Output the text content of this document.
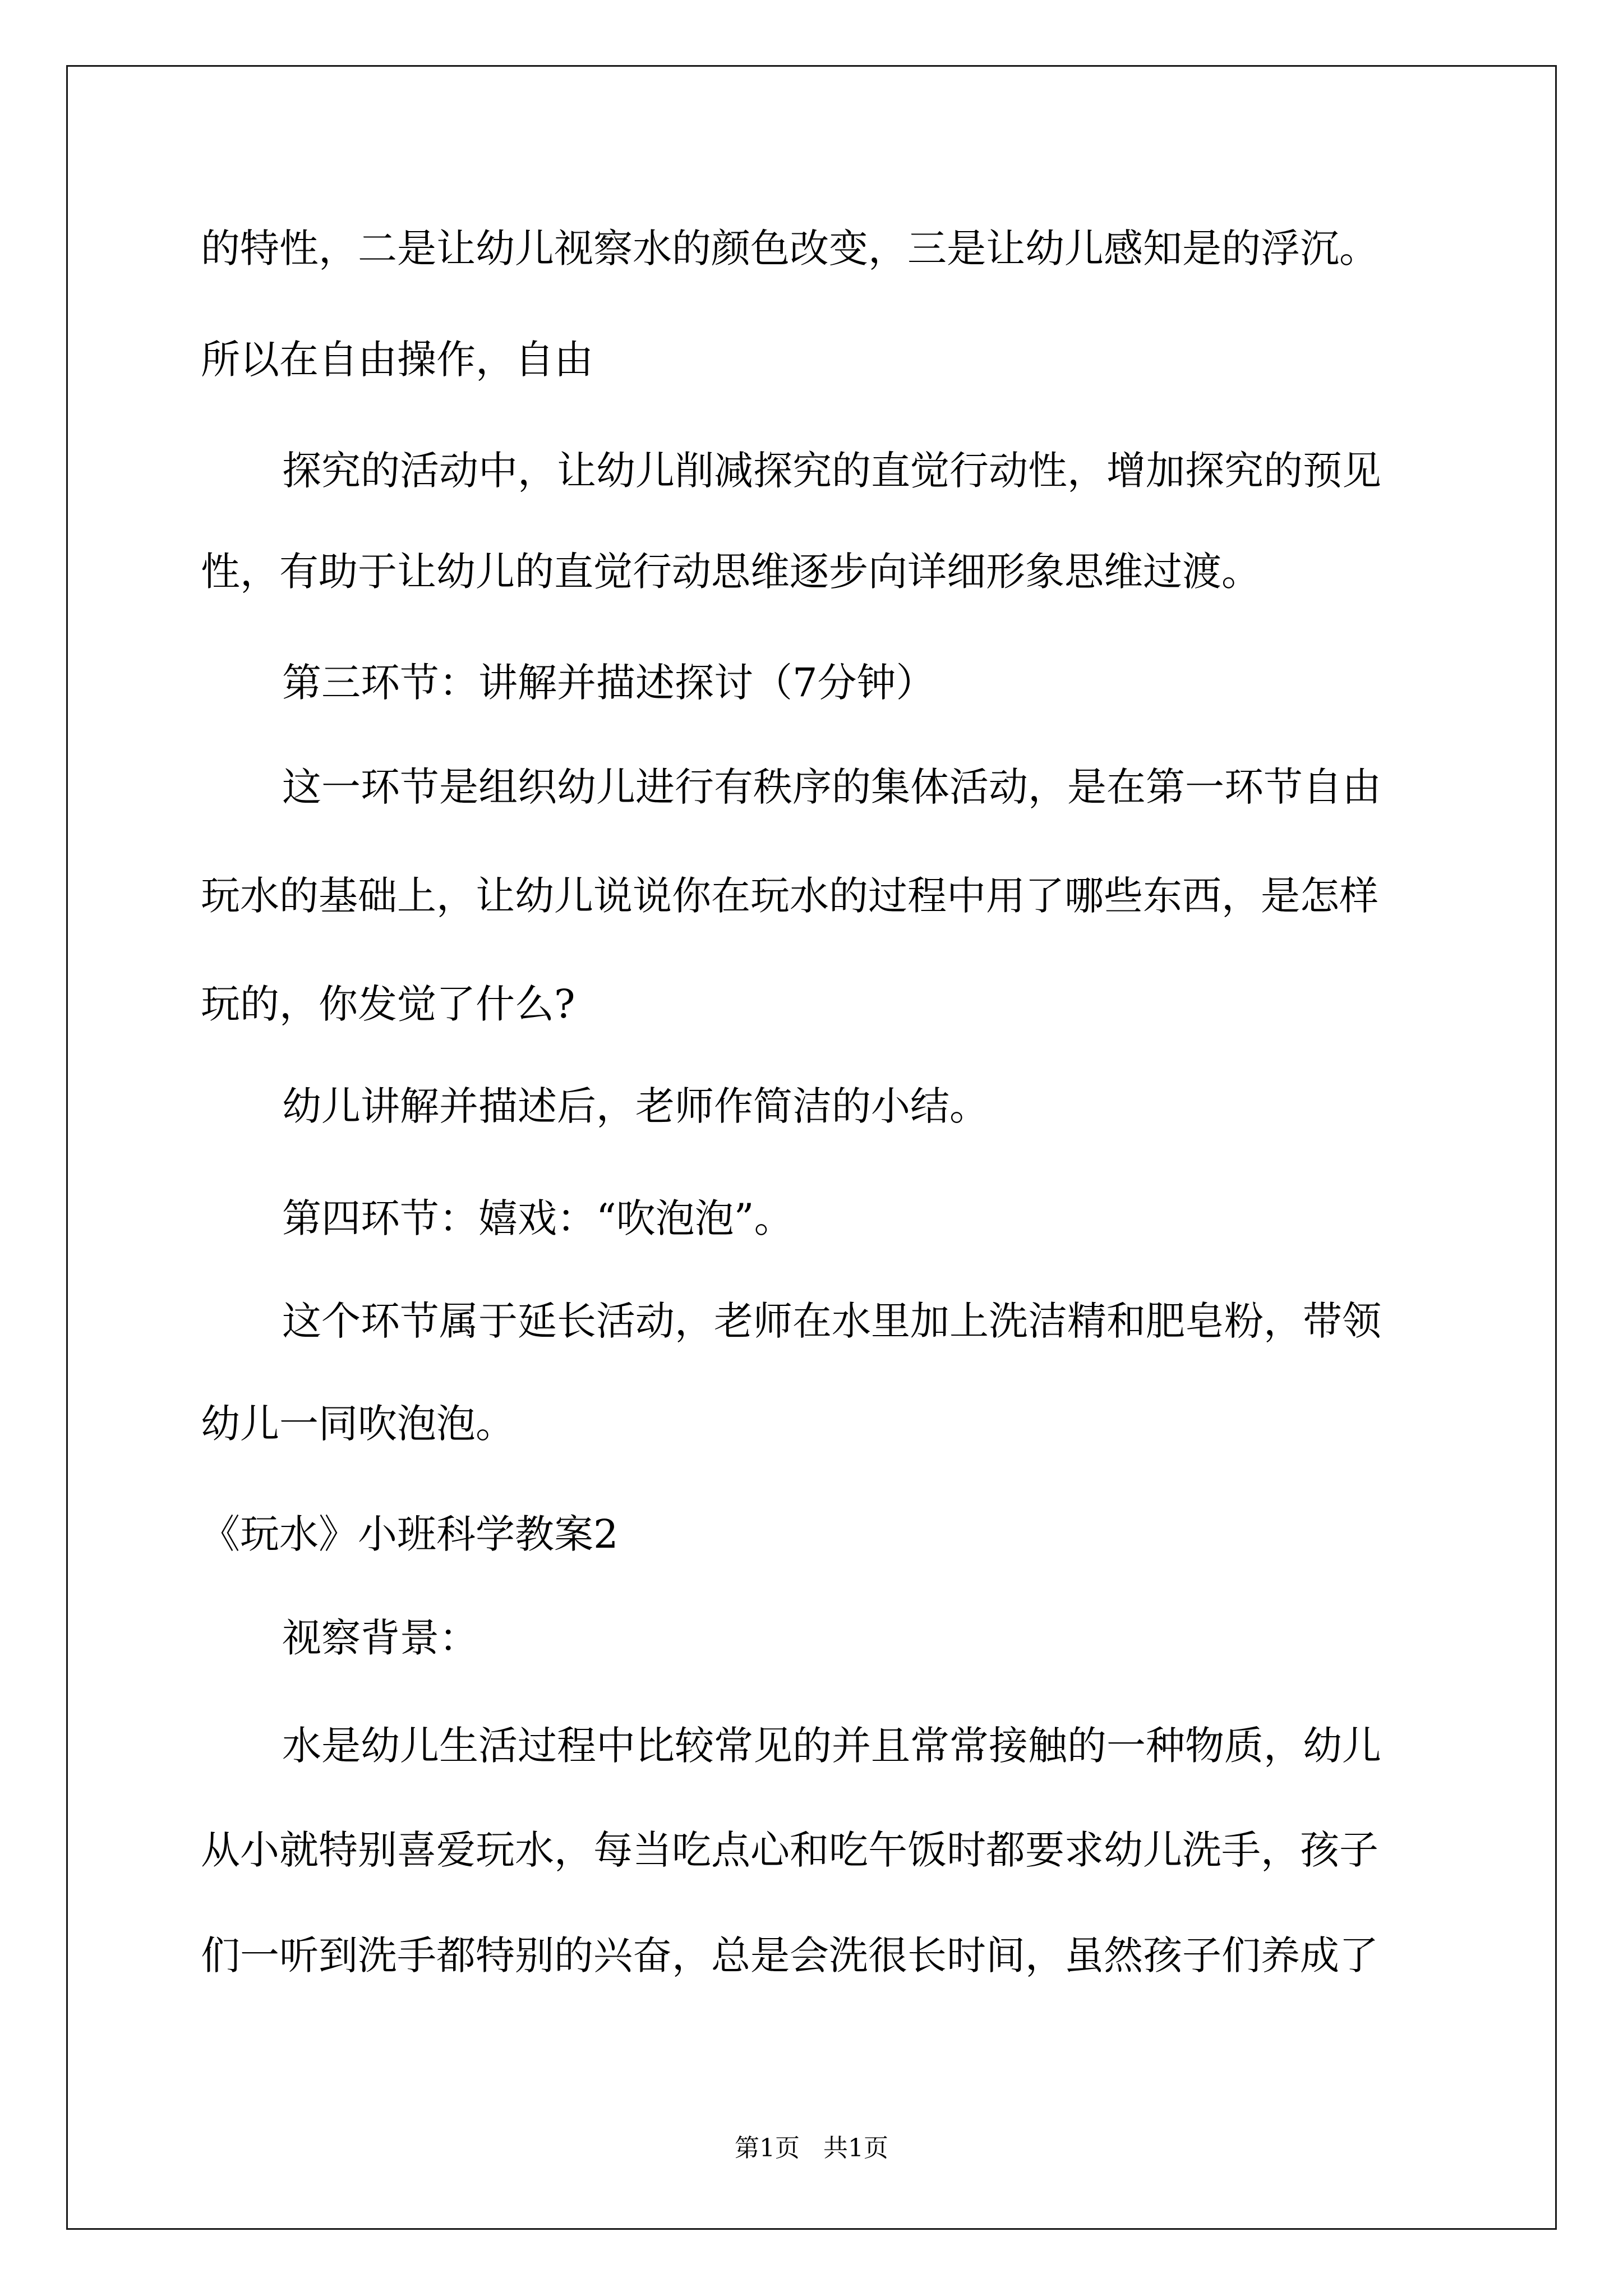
的特性，二是让幼儿视察水的颜色改变，三是让幼儿感知是的浮沉。
所以在自由操作，自由
探究的活动中，让幼儿削减探究的直觉行动性，增加探究的预见
性，有助于让幼儿的直觉行动思维逐步向详细形象思维过渡。
第三环节：讲解并描述探讨（7分钟）
这一环节是组织幼儿进行有秩序的集体活动，是在第一环节自由
玩水的基础上，让幼儿说说你在玩水的过程中用了哪些东西，是怎样
玩的，你发觉了什么?
幼儿讲解并描述后，老师作简洁的小结。
第四环节：嬉戏：“吹泡泡”。
这个环节属于延长活动，老师在水里加上洗洁精和肥皂粉，带领
幼儿一同吹泡泡。
《玩水》小班科学教案2
视察背景：
水是幼儿生活过程中比较常见的并且常常接触的一种物质，幼儿
从小就特别喜爱玩水，每当吃点心和吃午饭时都要求幼儿洗手，孩子
们一听到洗手都特别的兴奋，总是会洗很长时间，虽然孩子们养成了
第1页   共1页
